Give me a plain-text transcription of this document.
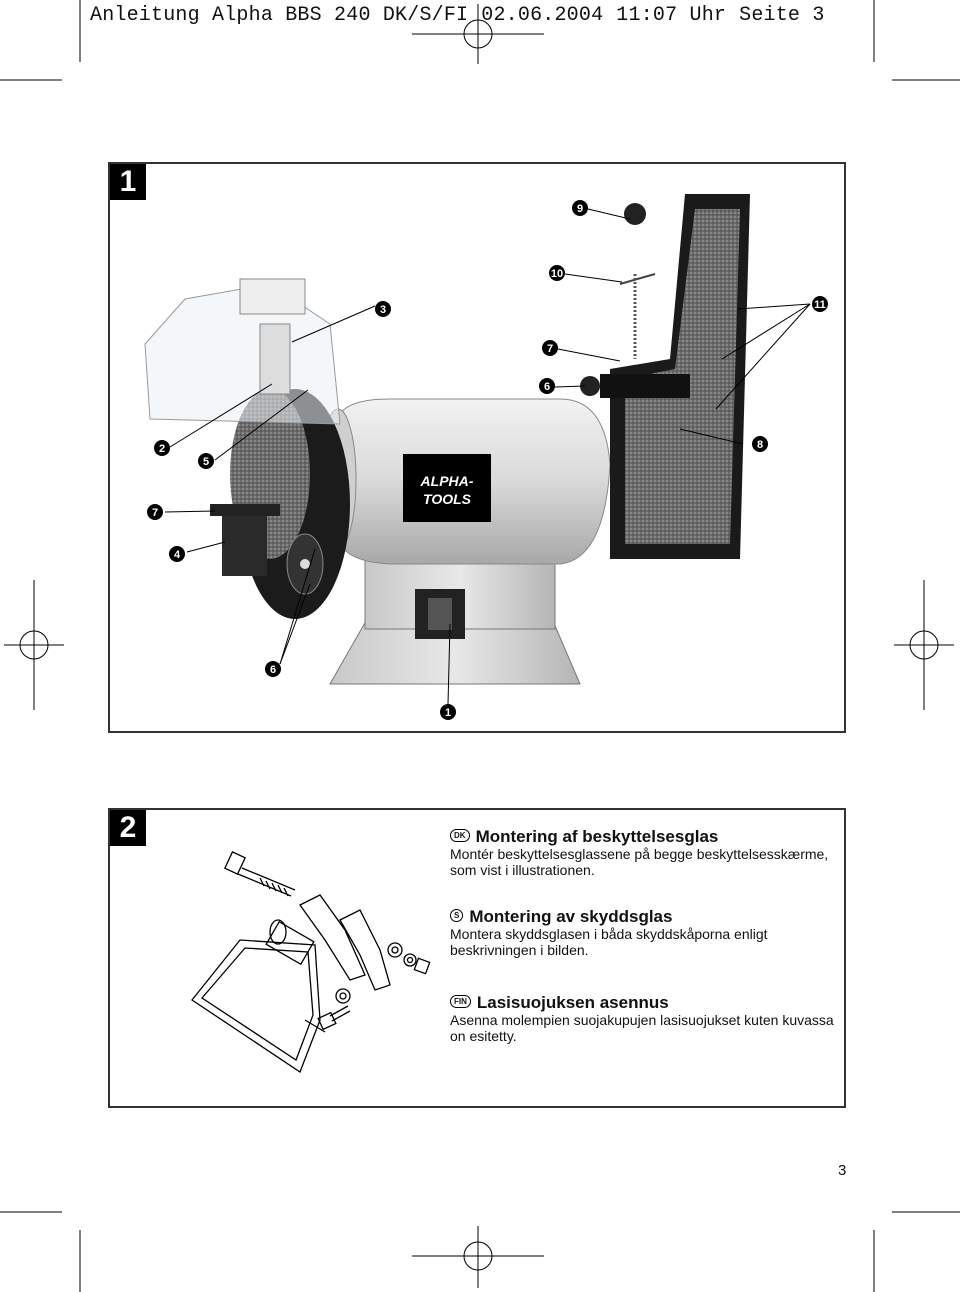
Anleitung Alpha BBS 240 DK/S/FI 02.06.2004 11:07 Uhr Seite 3
1
ALPHA-
TOOLS
9
10
11
3
7
6
2
5
8
7
4
6
1
2	DK Montering af beskyttelsesglas

Montér beskyttelsesglassene på begge beskyttelsesskærme, som vist i illustrationen.

S Montering av skyddsglas

Montera skyddsglasen i båda skyddskåporna enligt beskrivningen i bilden.

FIN Lasisuojuksen asennus

Asenna molempien suojakupujen lasisuojukset kuten kuvassa on esitetty.

3
